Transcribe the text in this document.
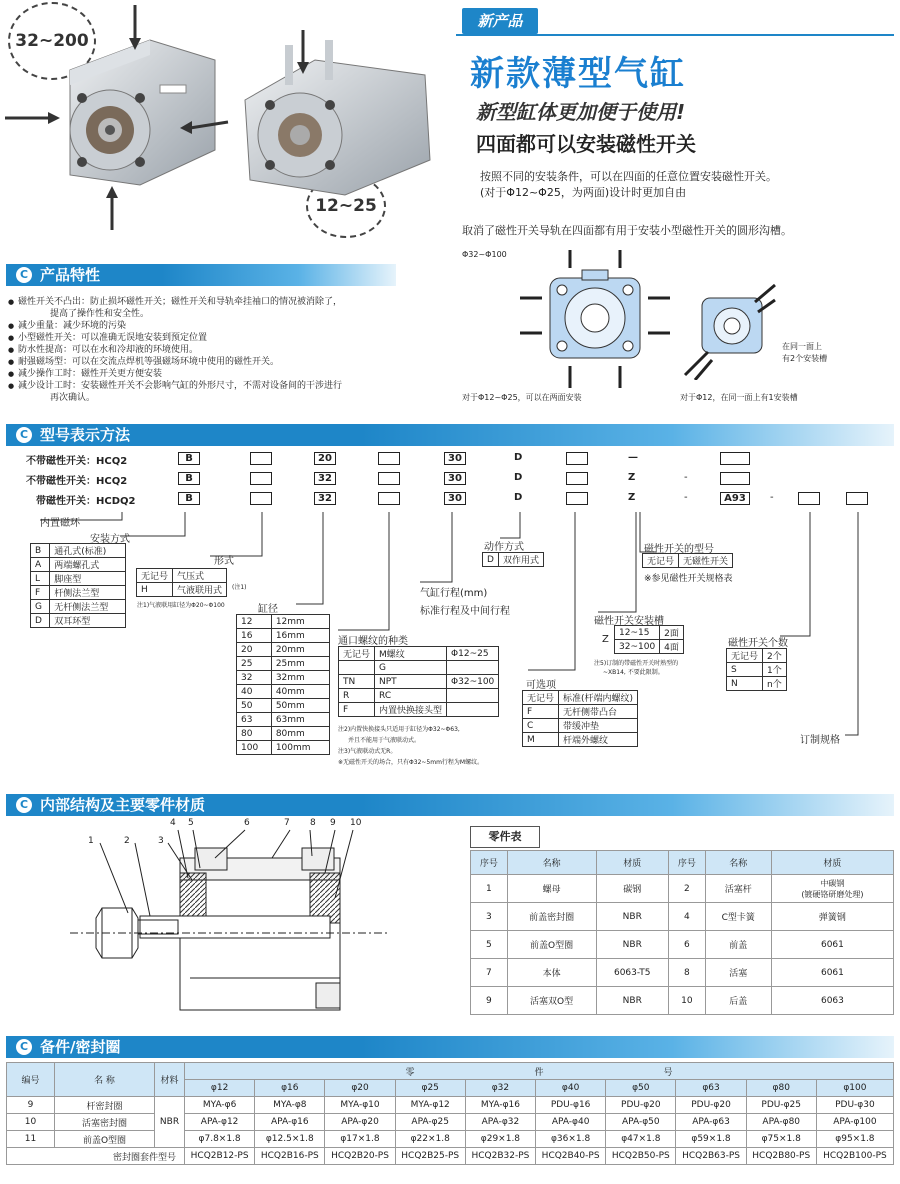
32~200
12~25
新产品
新款薄型气缸
新型缸体更加便于使用!
四面都可以安装磁性开关
按照不同的安装条件，可以在四面的任意位置安装磁性开关。
(对于Φ12~Φ25，为两面)设计时更加自由
取消了磁性开关导轨在四面都有用于安装小型磁性开关的圆形沟槽。
Φ32~Φ100
在同一面上
有2个安装槽
对于Φ12~Φ25，可以在两面安装	对于Φ12，在同一面上有1安装槽
C 产品特性
磁性开关不凸出：防止损坏磁性开关；磁性开关和导轨牵挂袖口的情况被消除了，
●
提高了操作性和安全性。
减少重量：减少环境的污染
●
小型磁性开关：可以准确无误地安装到预定位置
●
防水性提高：可以在水和冷却液的环境使用。
●
耐强磁场型：可以在交流点焊机等强磁场环境中使用的磁性开关。
●
减少操作工时：磁性开关更方便安装
●
减少设计工时：安装磁性开关不会影响气缸的外形尺寸，不需对设备间的干涉进行
●
再次确认。
C 型号表示方法
不带磁性开关：HCQ2	B	20	30	D	—
不带磁性开关：HCQ2	B	32	30	D	Z	-
带磁性开关：HCDQ2	B	32	30	D	Z	-	A93	-
内置磁环
安装方式
B	通孔式(标准)
A	两端螺孔式
L	脚座型
F	杆侧法兰型
G	无杆侧法兰型
D	双耳环型
形式
无记号	气压式
H	气液联用式 (注1)
注1)气液联用缸径为Φ20~Φ100	缸径
12	12mm
16	16mm
20	20mm
25	25mm
32	32mm
40	40mm
50	50mm
63	63mm
80	80mm
100	100mm
通口螺纹的种类
无记号	M螺纹	Φ12~25
	G	
TN	NPT	Φ32~100
R	RC	
F	内置快换接头型	
注2)内置快换接头只适用于缸径为Φ32~Φ63,
并且不能用于气液联动式。
注3)气液联动式无R。
※无磁性开关的场合，只有Φ32~5mm行程为M螺纹。
气缸行程(mm)
标准行程及中间行程
动作方式
D	双作用式
可选项
无记号	标准(杆端内螺纹)
F	无杆侧带凸台
C	带缓冲垫
M	杆端外螺纹
磁性开关安装槽
Z
12~15	2面
32~100	4面
注5)订制的带磁性开关时熟型的
~XB14, 不要此限制。
磁性开关的型号
无记号	无磁性开关
※参见磁性开关规格表
磁性开关个数
无记号	2个
S	1个
N	n个
订制规格
C 内部结构及主要零件材质
1	2	3
4 5	6	7 8 9 10
零件表
序号	名称	材质	序号	名称	材质
1	螺母	碳钢	2	活塞杆	中碳钢
(镀硬铬研磨处理)
3	前盖密封圈	NBR	4	C型卡簧	弹簧钢
5	前盖O型圈	NBR	6	前盖	6061
7	本体	6063-T5	8	活塞	6061
9	活塞双O型	NBR	10	后盖	6063
C 备件/密封圈
编号	名 称	材料	零 件 号									
			φ12	φ16	φ20	φ25	φ32	φ40	φ50	φ63	φ80	φ100
9	杆密封圈	NBR	MYA-φ6	MYA-φ8	MYA-φ10	MYA-φ12	MYA-φ16	PDU-φ16	PDU-φ20	PDU-φ20	PDU-φ25	PDU-φ30
10	活塞密封圈		APA-φ12	APA-φ16	APA-φ20	APA-φ25	APA-φ32	APA-φ40	APA-φ50	APA-φ63	APA-φ80	APA-φ100
11	前盖O型圈		φ7.8×1.8	φ12.5×1.8	φ17×1.8	φ22×1.8	φ29×1.8	φ36×1.8	φ47×1.8	φ59×1.8	φ75×1.8	φ95×1.8
密封圈套件型号			HCQ2B12-PS	HCQ2B16-PS	HCQ2B20-PS	HCQ2B25-PS	HCQ2B32-PS	HCQ2B40-PS	HCQ2B50-PS	HCQ2B63-PS	HCQ2B80-PS	HCQ2B100-PS
